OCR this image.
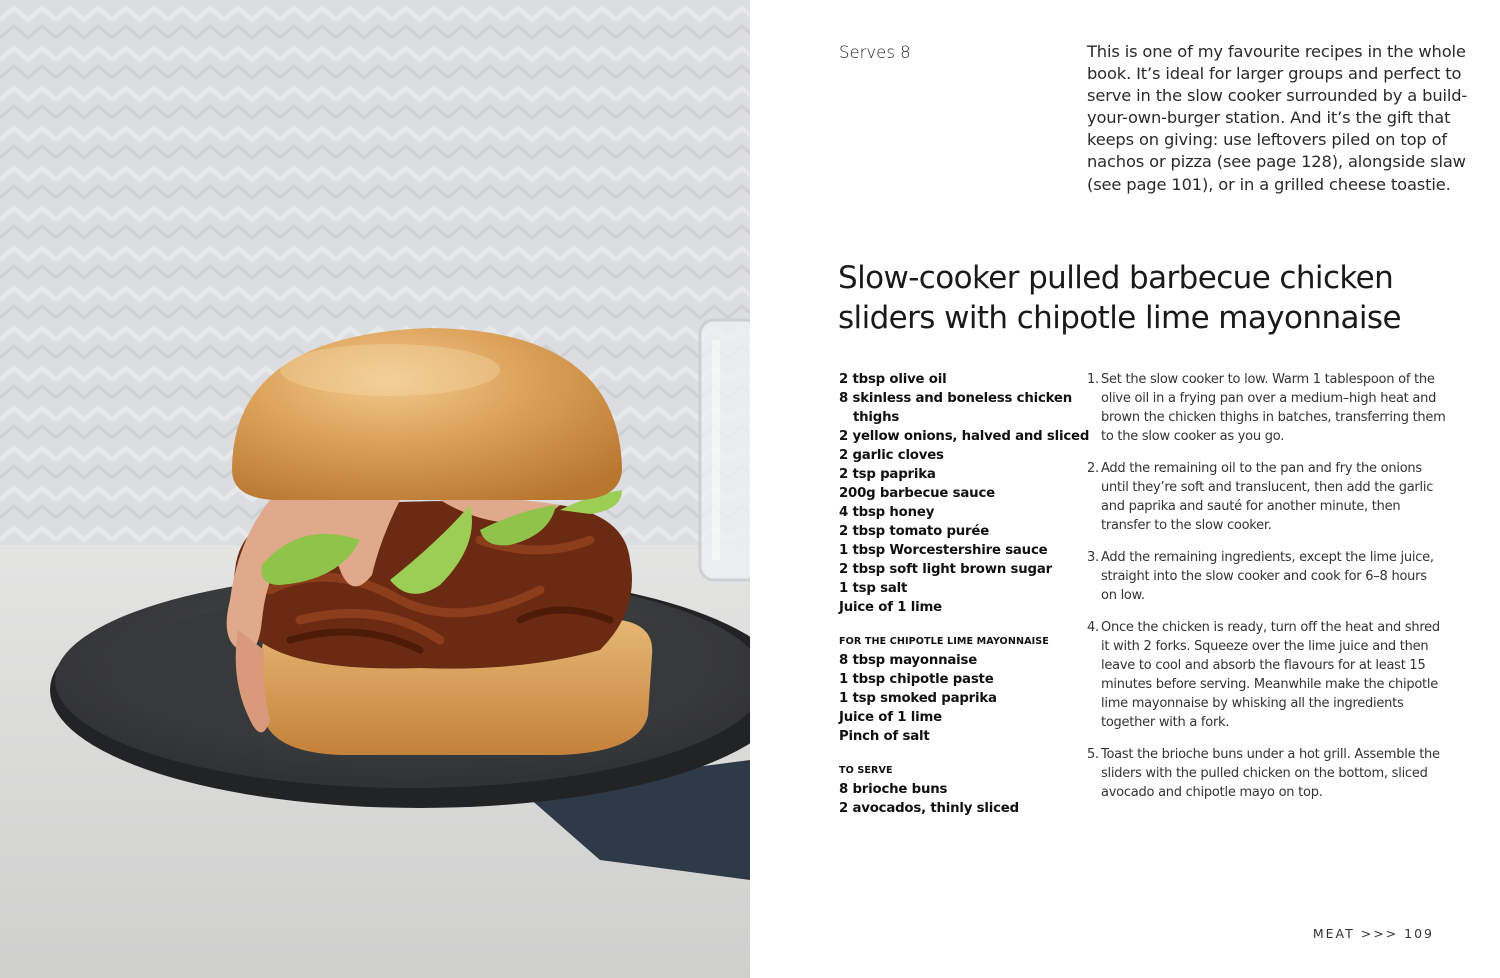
Serves 8	This is one of my favourite recipes in the whole
book. It’s ideal for larger groups and perfect to
serve in the slow cooker surrounded by a build-
your-own-burger station. And it’s the gift that
keeps on giving: use leftovers piled on top of
nachos or pizza (see page 128), alongside slaw
(see page 101), or in a grilled cheese toastie.
Slow-cooker pulled barbecue chicken
sliders with chipotle lime mayonnaise
2 tbsp olive oil
8 skinless and boneless chicken
thighs
2 yellow onions, halved and sliced
2 garlic cloves
2 tsp paprika
200g barbecue sauce
4 tbsp honey
2 tbsp tomato purée
1 tbsp Worcestershire sauce
2 tbsp soft light brown sugar
1 tsp salt
Juice of 1 lime
FOR THE CHIPOTLE LIME MAYONNAISE
8 tbsp mayonnaise
1 tbsp chipotle paste
1 tsp smoked paprika
Juice of 1 lime
Pinch of salt
TO SERVE
8 brioche buns
2 avocados, thinly sliced
1. Set the slow cooker to low. Warm 1 tablespoon of the
olive oil in a frying pan over a medium–high heat and
brown the chicken thighs in batches, transferring them
to the slow cooker as you go.
2. Add the remaining oil to the pan and fry the onions
until they’re soft and translucent, then add the garlic
and paprika and sauté for another minute, then
transfer to the slow cooker.
3. Add the remaining ingredients, except the lime juice,
straight into the slow cooker and cook for 6–8 hours
on low.
4. Once the chicken is ready, turn off the heat and shred
it with 2 forks. Squeeze over the lime juice and then
leave to cool and absorb the flavours for at least 15
minutes before serving. Meanwhile make the chipotle
lime mayonnaise by whisking all the ingredients
together with a fork.
5. Toast the brioche buns under a hot grill. Assemble the
sliders with the pulled chicken on the bottom, sliced
avocado and chipotle mayo on top.
MEAT >>> 109
